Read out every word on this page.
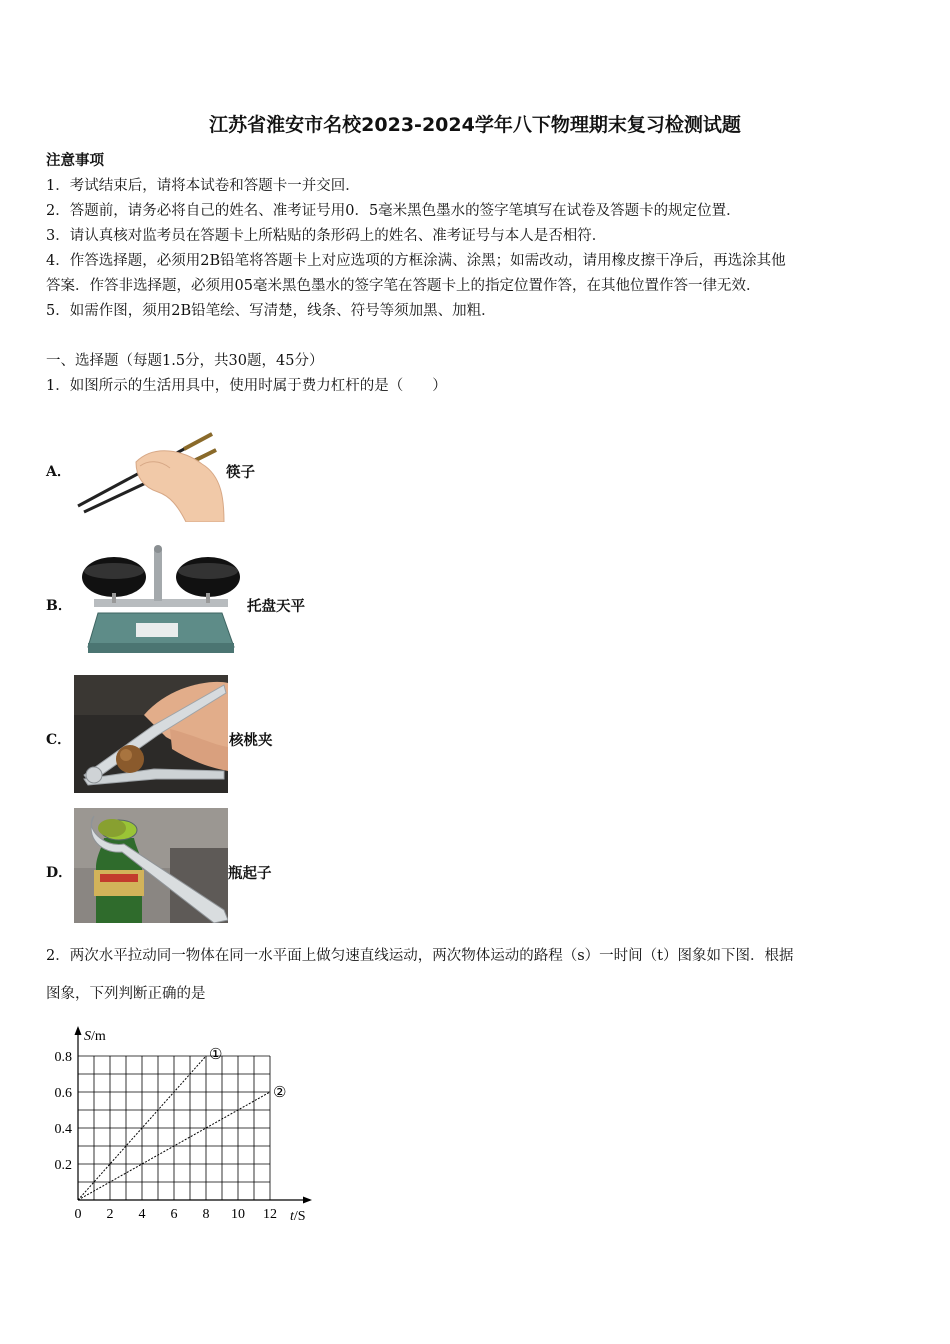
江苏省淮安市名校2023-2024学年八下物理期末复习检测试题
注意事项
1．考试结束后，请将本试卷和答题卡一并交回．
2．答题前，请务必将自己的姓名、准考证号用0．5毫米黑色墨水的签字笔填写在试卷及答题卡的规定位置．
3．请认真核对监考员在答题卡上所粘贴的条形码上的姓名、准考证号与本人是否相符．
4．作答选择题，必须用2B铅笔将答题卡上对应选项的方框涂满、涂黑；如需改动，请用橡皮擦干净后，再选涂其他
答案．作答非选择题，必须用05毫米黑色墨水的签字笔在答题卡上的指定位置作答，在其他位置作答一律无效．
5．如需作图，须用2B铅笔绘、写清楚，线条、符号等须加黑、加粗．
一、选择题（每题1.5分，共30题，45分）
1．如图所示的生活用具中，使用时属于费力杠杆的是（　　）
A．	筷子
B．	托盘天平
C．	核桃夹
D．	瓶起子
2．两次水平拉动同一物体在同一水平面上做匀速直线运动，两次物体运动的路程（s）一时间（t）图象如下图．根据
图象，下列判断正确的是
①
②
0 2 4 6 8 10 12
0.2
0.4
0.6
0.8
S/m
t/S
